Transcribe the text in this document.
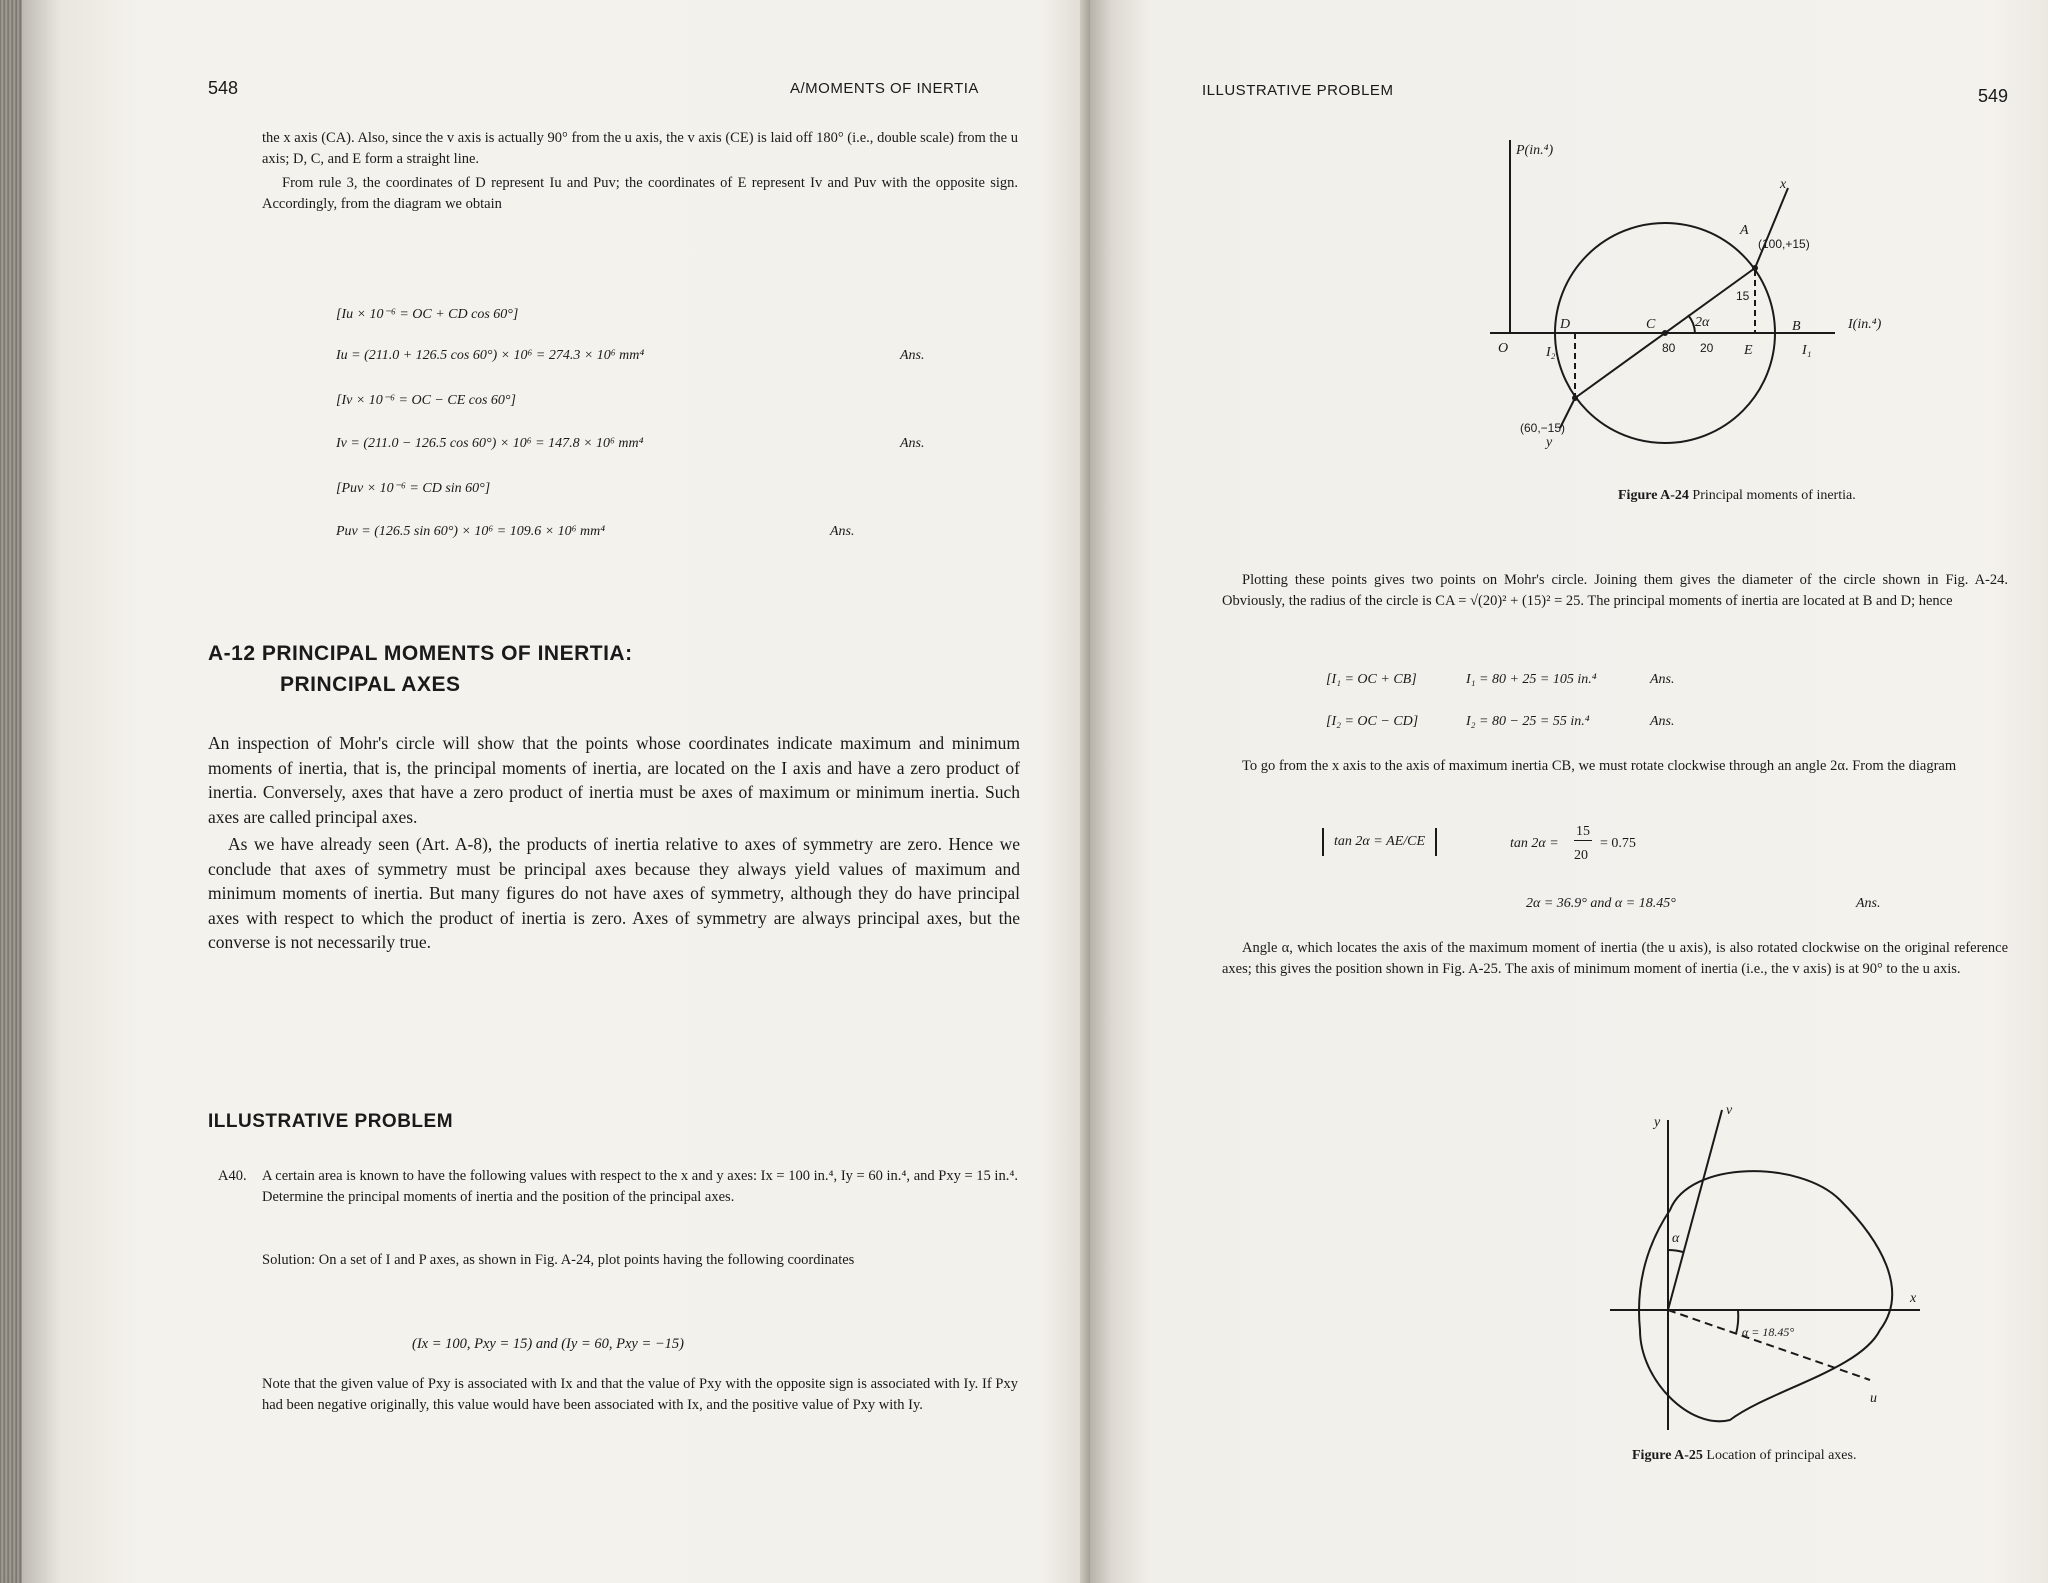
548	A/MOMENTS OF INERTIA

the x axis (CA). Also, since the v axis is actually 90° from the u axis, the v axis (CE) is laid off 180° (i.e., double scale) from the u axis; D, C, and E form a straight line.

From rule 3, the coordinates of D represent Iu and Puv; the coordinates of E represent Iv and Puv with the opposite sign. Accordingly, from the diagram we obtain

[Iu × 10⁻⁶ = OC + CD cos 60°]
Iu = (211.0 + 126.5 cos 60°) × 10⁶ = 274.3 × 10⁶ mm⁴	Ans.
[Iv × 10⁻⁶ = OC − CE cos 60°]
Iv = (211.0 − 126.5 cos 60°) × 10⁶ = 147.8 × 10⁶ mm⁴	Ans.
[Puv × 10⁻⁶ = CD sin 60°]
Puv = (126.5 sin 60°) × 10⁶ = 109.6 × 10⁶ mm⁴	Ans.
A-12 PRINCIPAL MOMENTS OF INERTIA:
PRINCIPAL AXES

An inspection of Mohr's circle will show that the points whose coordinates indicate maximum and minimum moments of inertia, that is, the principal moments of inertia, are located on the I axis and have a zero product of inertia. Conversely, axes that have a zero product of inertia must be axes of maximum or minimum inertia. Such axes are called principal axes.

As we have already seen (Art. A-8), the products of inertia relative to axes of symmetry are zero. Hence we conclude that axes of symmetry must be principal axes because they always yield values of maximum and minimum moments of inertia. But many figures do not have axes of symmetry, although they do have principal axes with respect to which the product of inertia is zero. Axes of symmetry are always principal axes, but the converse is not necessarily true.

ILLUSTRATIVE PROBLEM
A40.	A certain area is known to have the following values with respect to the x and y axes: Ix = 100 in.⁴, Iy = 60 in.⁴, and Pxy = 15 in.⁴. Determine the principal moments of inertia and the position of the principal axes.
Solution: On a set of I and P axes, as shown in Fig. A-24, plot points having the following coordinates
(Ix = 100, Pxy = 15) and (Iy = 60, Pxy = −15)
Note that the given value of Pxy is associated with Ix and that the value of Pxy with the opposite sign is associated with Iy. If Pxy had been negative originally, this value would have been associated with Ix, and the positive value of Pxy with Iy.
ILLUSTRATIVE PROBLEM	549
P(in.⁴)
I(in.⁴)
x
y
A
B
C
D
E
O	I₁
I₂
2α
(100,+15)
15
80 20
(60,−15)
Figure A-24 Principal moments of inertia.

Plotting these points gives two points on Mohr's circle. Joining them gives the diameter of the circle shown in Fig. A-24. Obviously, the radius of the circle is CA = √(20)² + (15)² = 25. The principal moments of inertia are located at B and D; hence

[I₁ = OC + CB]	I₁ = 80 + 25 = 105 in.⁴	Ans.
[I₂ = OC − CD]	I₂ = 80 − 25 = 55 in.⁴	Ans.

To go from the x axis to the axis of maximum inertia CB, we must rotate clockwise through an angle 2α. From the diagram

tan 2α = AE/CE	tan 2α =
15
20
= 0.75
2α = 36.9° and α = 18.45°	Ans.

Angle α, which locates the axis of the maximum moment of inertia (the u axis), is also rotated clockwise on the original reference axes; this gives the position shown in Fig. A-25. The axis of minimum moment of inertia (i.e., the v axis) is at 90° to the u axis.

y
v
x
u
α
α = 18.45°
Figure A-25 Location of principal axes.
